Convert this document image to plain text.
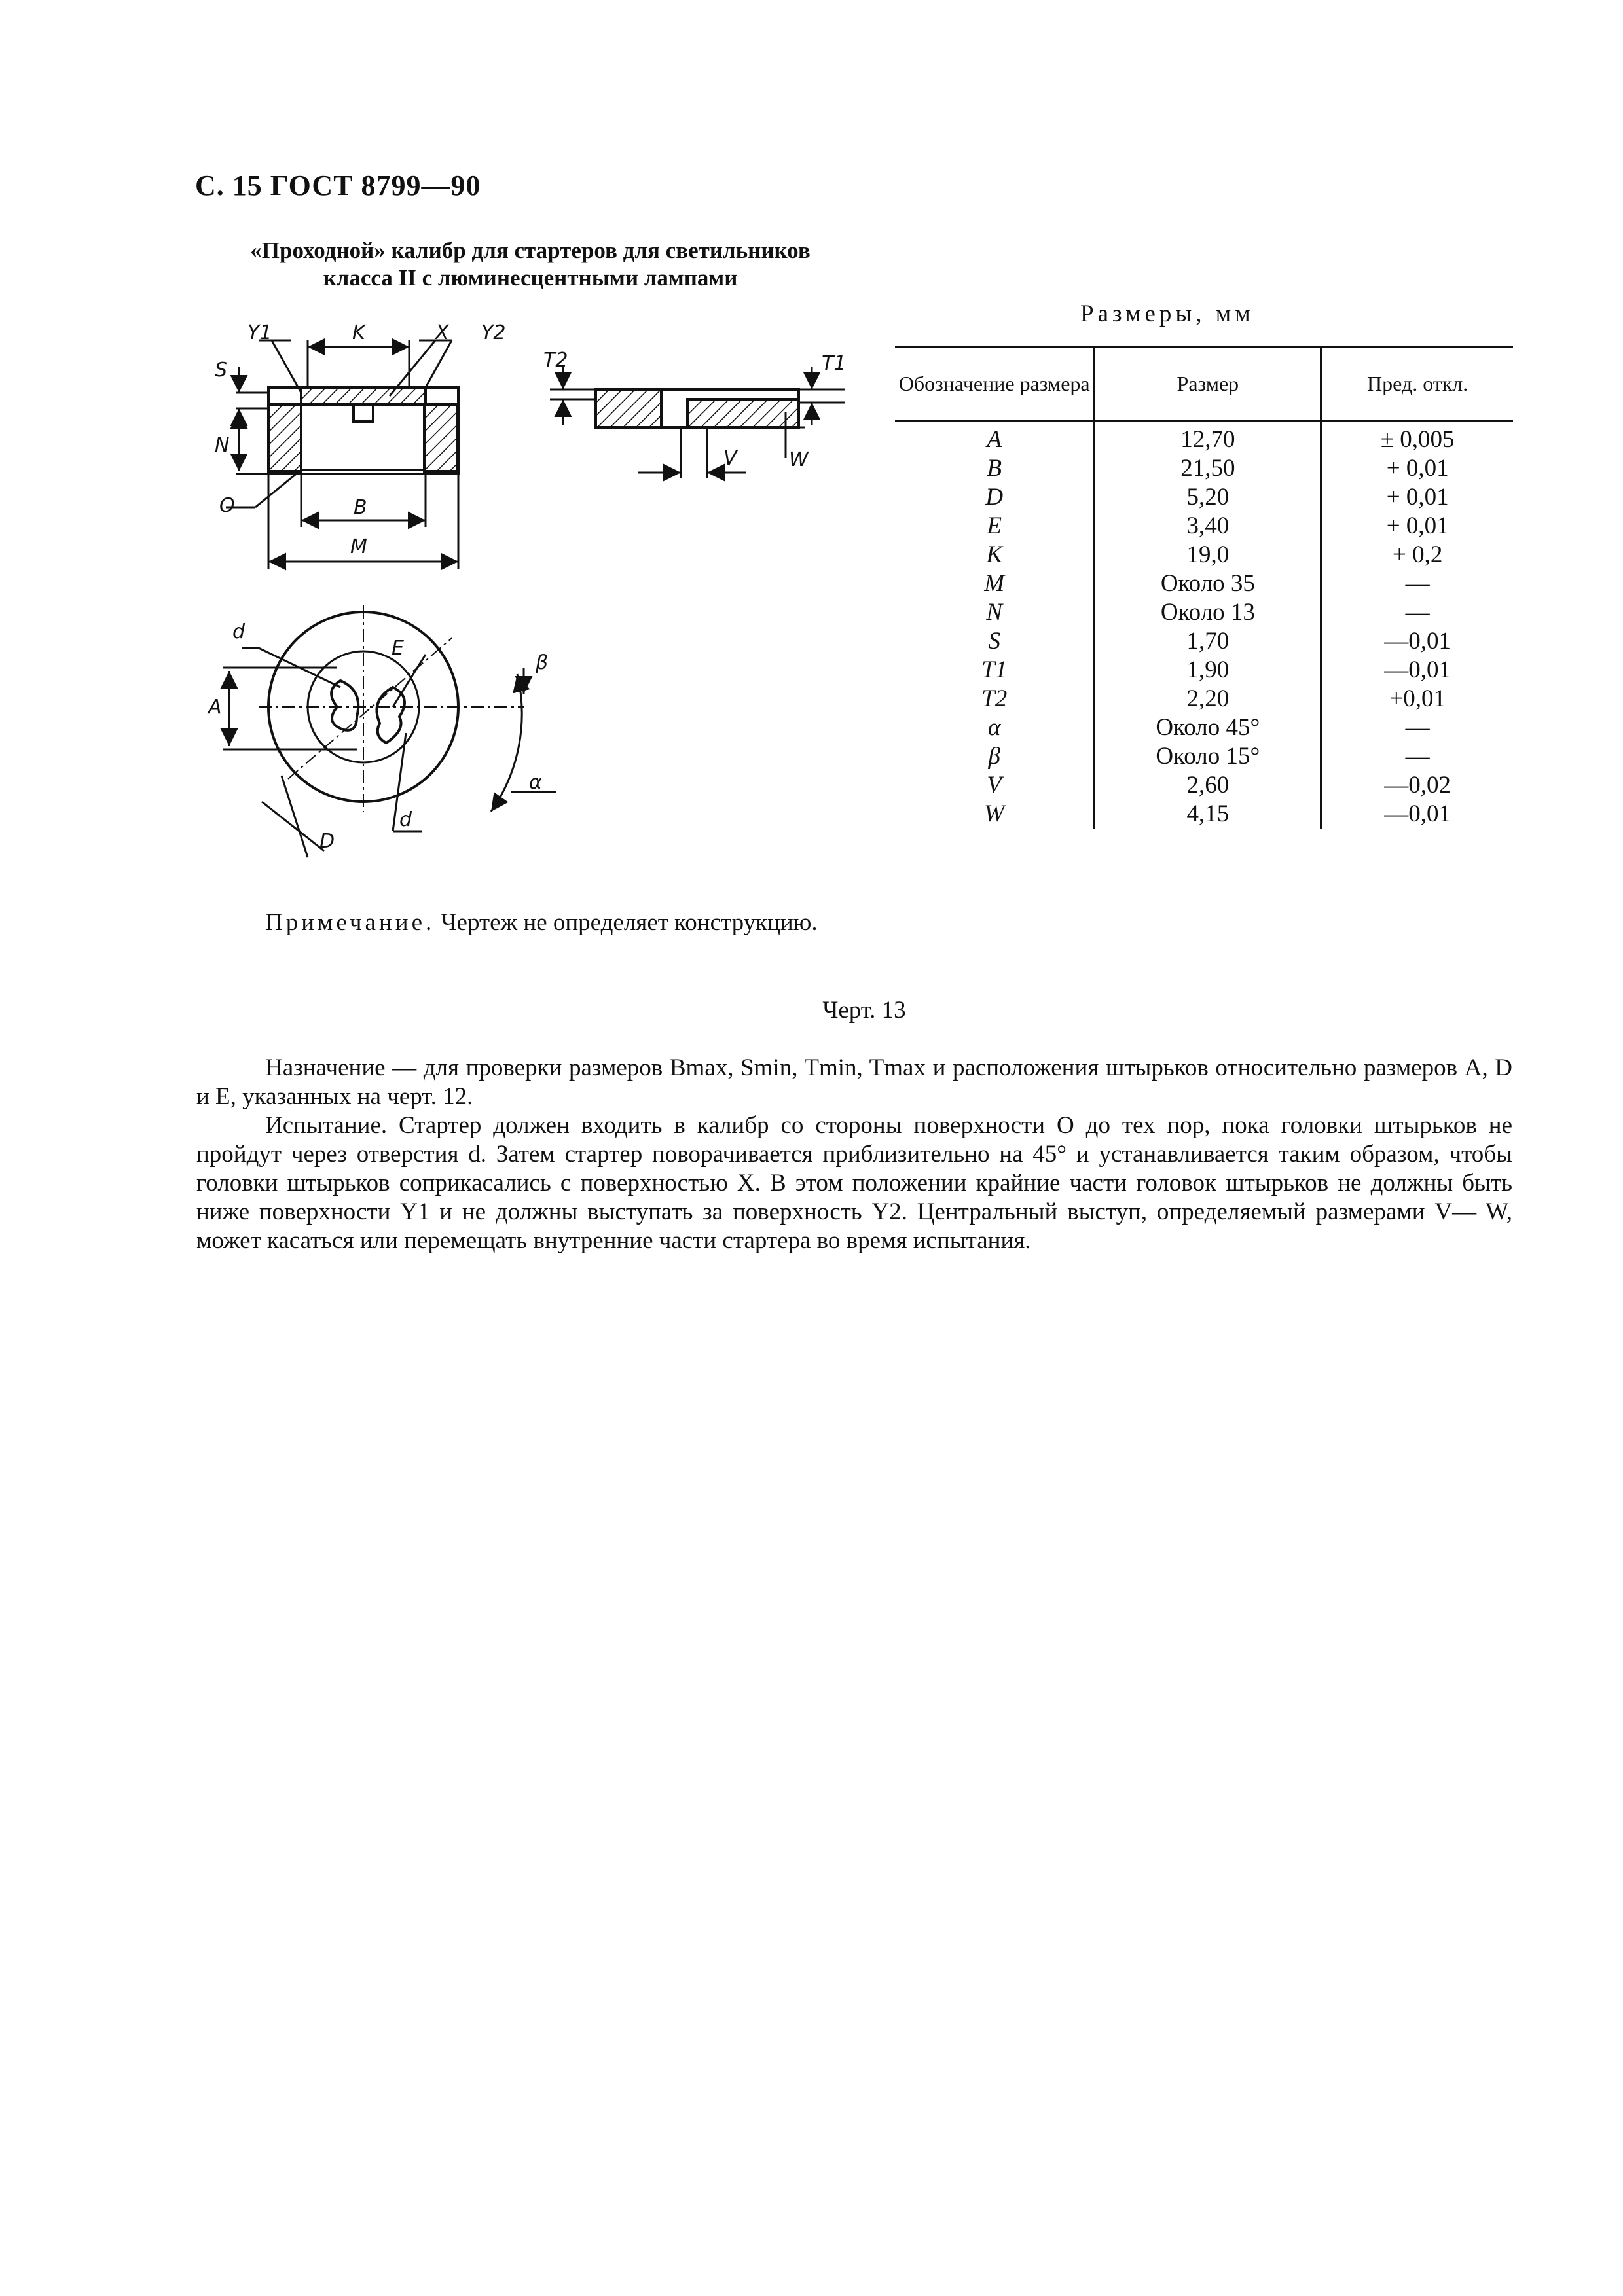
С. 15 ГОСТ 8799—90
«Проходной» калибр для стартеров для светильников
класса II с люминесцентными лампами
Y1	K	X Y2
S
N
O	B
M
T2	T1
V	W
d
E
β
A
α
d
D
Размеры, мм
Обозначение размера	Размер	Пред. откл.
A	12,70	± 0,005
B	21,50	+ 0,01
D	5,20	+ 0,01
E	3,40	+ 0,01
K	19,0	+ 0,2
M	Около 35	—
N	Около 13	—
S	1,70	—0,01
T1	1,90	—0,01
T2	2,20	+0,01
α	Около 45°	—
β	Около 15°	—
V	2,60	—0,02
W	4,15	—0,01
Примечание. Чертеж не определяет конструкцию.
Черт. 13

Назначение — для проверки размеров Bmax, Smin, Tmin, Tmax и расположения штырьков относительно размеров A, D и E, указанных на черт. 12.

Испытание. Стартер должен входить в калибр со стороны поверхности O до тех пор, пока головки штырьков не пройдут через отверстия d. Затем стартер поворачивается приблизительно на 45° и устанавливается таким образом, чтобы головки штырьков соприкасались с поверхностью X. В этом положении крайние части головок штырьков не должны быть ниже поверхности Y1 и не должны выступать за поверхность Y2. Центральный выступ, определяемый размерами V— W, может касаться или перемещать внутренние части стартера во время испытания.
